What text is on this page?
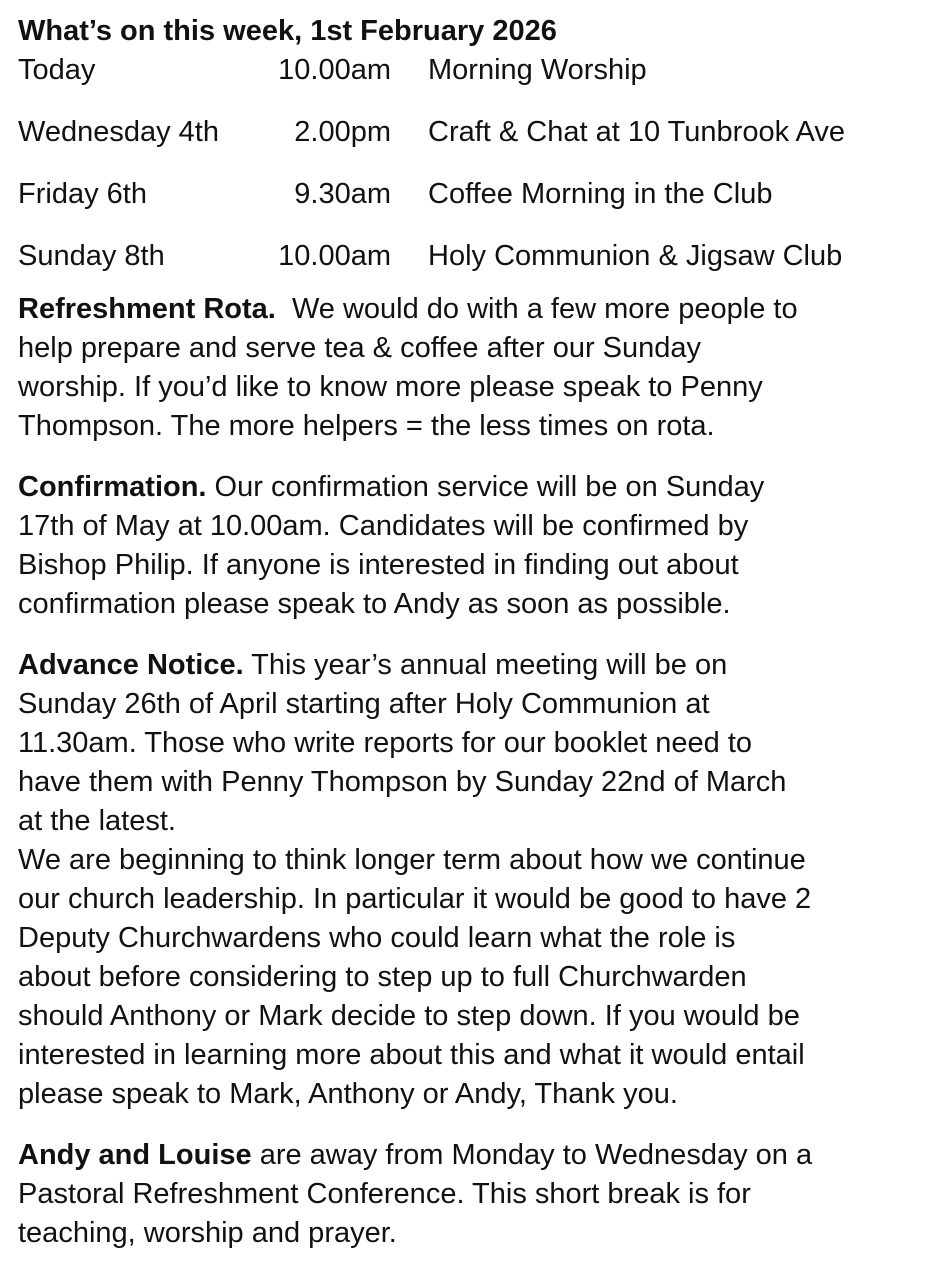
What’s on this week, 1st February 2026
Today	10.00am	Morning Worship
Wednesday 4th	2.00pm	Craft & Chat at 10 Tunbrook Ave
Friday 6th	9.30am	Coffee Morning in the Club
Sunday 8th	10.00am	Holy Communion & Jigsaw Club
Refreshment Rota.  We would do with a few more people to
help prepare and serve tea & coffee after our Sunday
worship. If you’d like to know more please speak to Penny
Thompson. The more helpers = the less times on rota.
Confirmation. Our confirmation service will be on Sunday
17th of May at 10.00am. Candidates will be confirmed by
Bishop Philip. If anyone is interested in finding out about
confirmation please speak to Andy as soon as possible.
Advance Notice. This year’s annual meeting will be on
Sunday 26th of April starting after Holy Communion at
11.30am. Those who write reports for our booklet need to
have them with Penny Thompson by Sunday 22nd of March
at the latest.
We are beginning to think longer term about how we continue
our church leadership. In particular it would be good to have 2
Deputy Churchwardens who could learn what the role is
about before considering to step up to full Churchwarden
should Anthony or Mark decide to step down. If you would be
interested in learning more about this and what it would entail
please speak to Mark, Anthony or Andy, Thank you.
Andy and Louise are away from Monday to Wednesday on a
Pastoral Refreshment Conference. This short break is for
teaching, worship and prayer.
